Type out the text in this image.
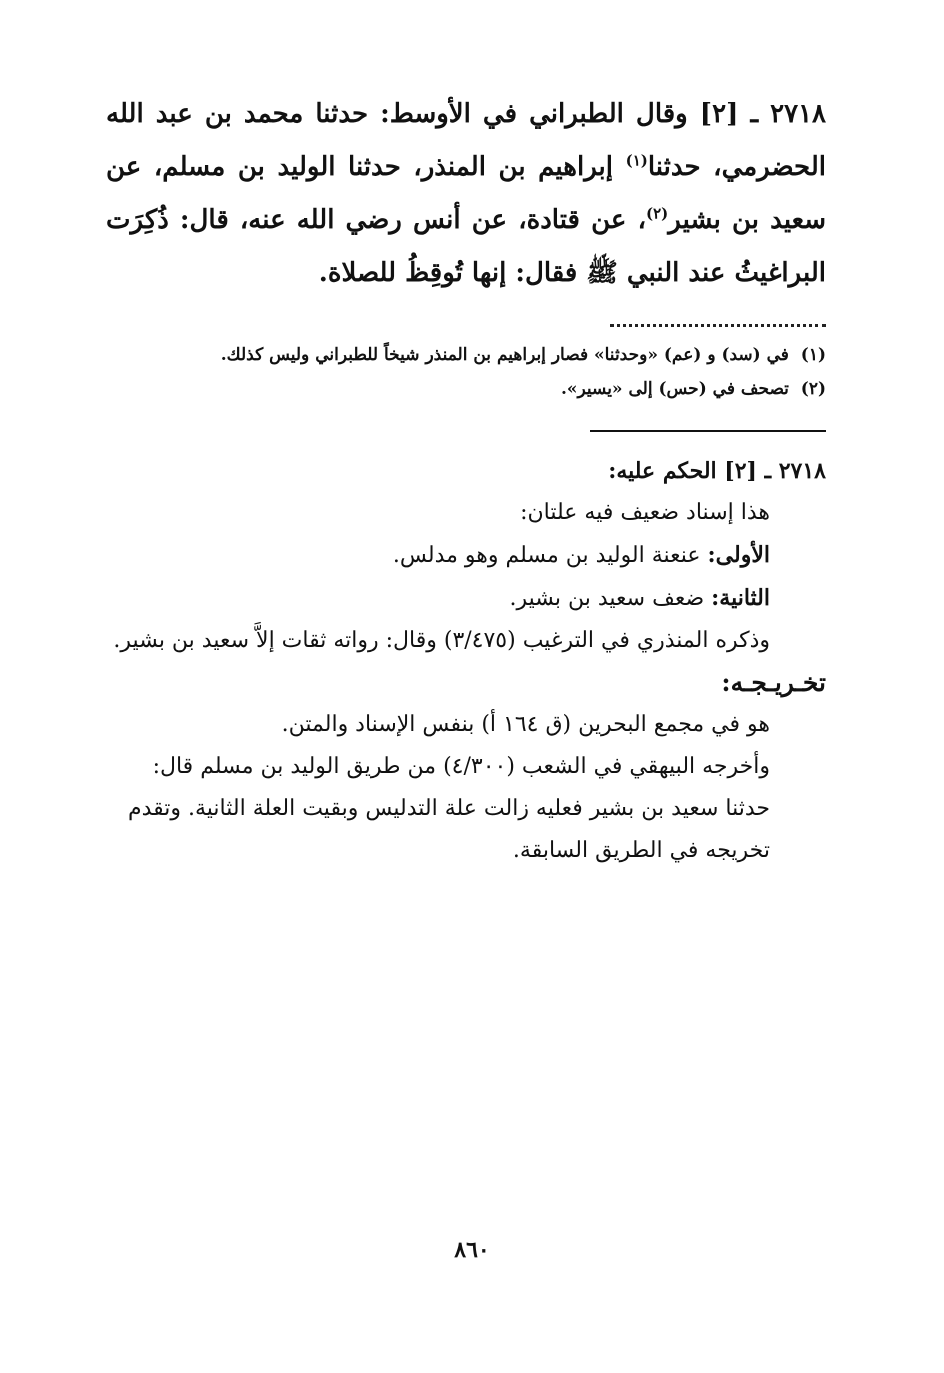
٢٧١٨ ـ [٢] وقال الطبراني في الأوسط: حدثنا محمد بن عبد الله الحضرمي، حدثنا$^{(١)}$ إبراهيم بن المنذر، حدثنا الوليد بن مسلم، عن سعيد بن بشير$^{(٢)}$، عن قتادة، عن أنس رضي الله عنه، قال: ذُكِرَت البراغيثُ عند النبي ﷺ فقال: إنها تُوقِظُ للصلاة.

(١)  في (سد) و (عم) «وحدثنا» فصار إبراهيم بن المنذر شيخاً للطبراني وليس كذلك.
(٢)  تصحف في (حس) إلى «يسير».

٢٧١٨ ـ [٢] الحكم عليه:

هذا إسناد ضعيف فيه علتان:

الأولى: عنعنة الوليد بن مسلم وهو مدلس.

الثانية: ضعف سعيد بن بشير.

وذكره المنذري في الترغيب (٣/٤٧٥) وقال: رواته ثقات إلاَّ سعيد بن بشير.

تخـريـجـه:

هو في مجمع البحرين (ق ١٦٤ أ) بنفس الإسناد والمتن.

وأخرجه البيهقي في الشعب (٤/٣٠٠) من طريق الوليد بن مسلم قال: حدثنا سعيد بن بشير فعليه زالت علة التدليس وبقيت العلة الثانية. وتقدم تخريجه في الطريق السابقة.

٨٦٠
